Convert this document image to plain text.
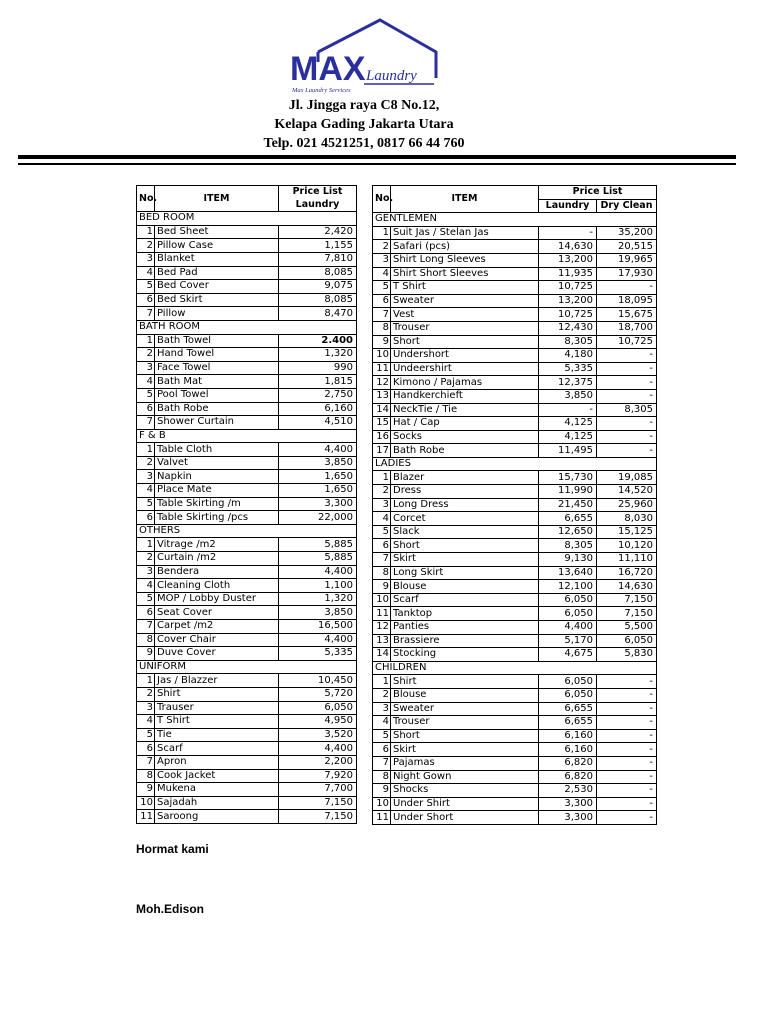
MAX Laundry
Max Laundry Services
Jl. Jingga raya C8 No.12,
Kelapa Gading Jakarta Utara
Telp. 021 4521251, 0817 66 44 760
No.	ITEM	Price List
		Laundry
BED ROOM		
1	Bed Sheet	2,420
2	Pillow Case	1,155
3	Blanket	7,810
4	Bed Pad	8,085
5	Bed Cover	9,075
6	Bed Skirt	8,085
7	Pillow	8,470
BATH ROOM		
1	Bath Towel	2.400
2	Hand Towel	1,320
3	Face Towel	990
4	Bath Mat	1,815
5	Pool Towel	2,750
6	Bath Robe	6,160
7	Shower Curtain	4,510
F & B		
1	Table Cloth	4,400
2	Valvet	3,850
3	Napkin	1,650
4	Place Mate	1,650
5	Table Skirting /m	3,300
6	Table Skirting /pcs	22,000
OTHERS		
1	Vitrage /m2	5,885
2	Curtain /m2	5,885
3	Bendera	4,400
4	Cleaning Cloth	1,100
5	MOP / Lobby Duster	1,320
6	Seat Cover	3,850
7	Carpet /m2	16,500
8	Cover Chair	4,400
9	Duve Cover	5,335
UNIFORM		
1	Jas / Blazzer	10,450
2	Shirt	5,720
3	Trauser	6,050
4	T Shirt	4,950
5	Tie	3,520
6	Scarf	4,400
7	Apron	2,200
8	Cook Jacket	7,920
9	Mukena	7,700
10	Sajadah	7,150
11	Saroong	7,150
No.	ITEM	Price List	
		Laundry	Dry Clean
GENTLEMEN			
1	Suit Jas / Stelan Jas	-	35,200
2	Safari (pcs)	14,630	20,515
3	Shirt Long Sleeves	13,200	19,965
4	Shirt Short Sleeves	11,935	17,930
5	T Shirt	10,725	-
6	Sweater	13,200	18,095
7	Vest	10,725	15,675
8	Trouser	12,430	18,700
9	Short	8,305	10,725
10	Undershort	4,180	-
11	Undeershirt	5,335	-
12	Kimono / Pajamas	12,375	-
13	Handkerchieft	3,850	-
14	NeckTie / Tie	-	8,305
15	Hat / Cap	4,125	-
16	Socks	4,125	-
17	Bath Robe	11,495	-
LADIES			
1	Blazer	15,730	19,085
2	Dress	11,990	14,520
3	Long Dress	21,450	25,960
4	Corcet	6,655	8,030
5	Slack	12,650	15,125
6	Short	8,305	10,120
7	Skirt	9,130	11,110
8	Long Skirt	13,640	16,720
9	Blouse	12,100	14,630
10	Scarf	6,050	7,150
11	Tanktop	6,050	7,150
12	Panties	4,400	5,500
13	Brassiere	5,170	6,050
14	Stocking	4,675	5,830
CHILDREN			
1	Shirt	6,050	-
2	Blouse	6,050	-
3	Sweater	6,655	-
4	Trouser	6,655	-
5	Short	6,160	-
6	Skirt	6,160	-
7	Pajamas	6,820	-
8	Night Gown	6,820	-
9	Shocks	2,530	-
10	Under Shirt	3,300	-
11	Under Short	3,300	-
Hormat kami
Moh.Edison
